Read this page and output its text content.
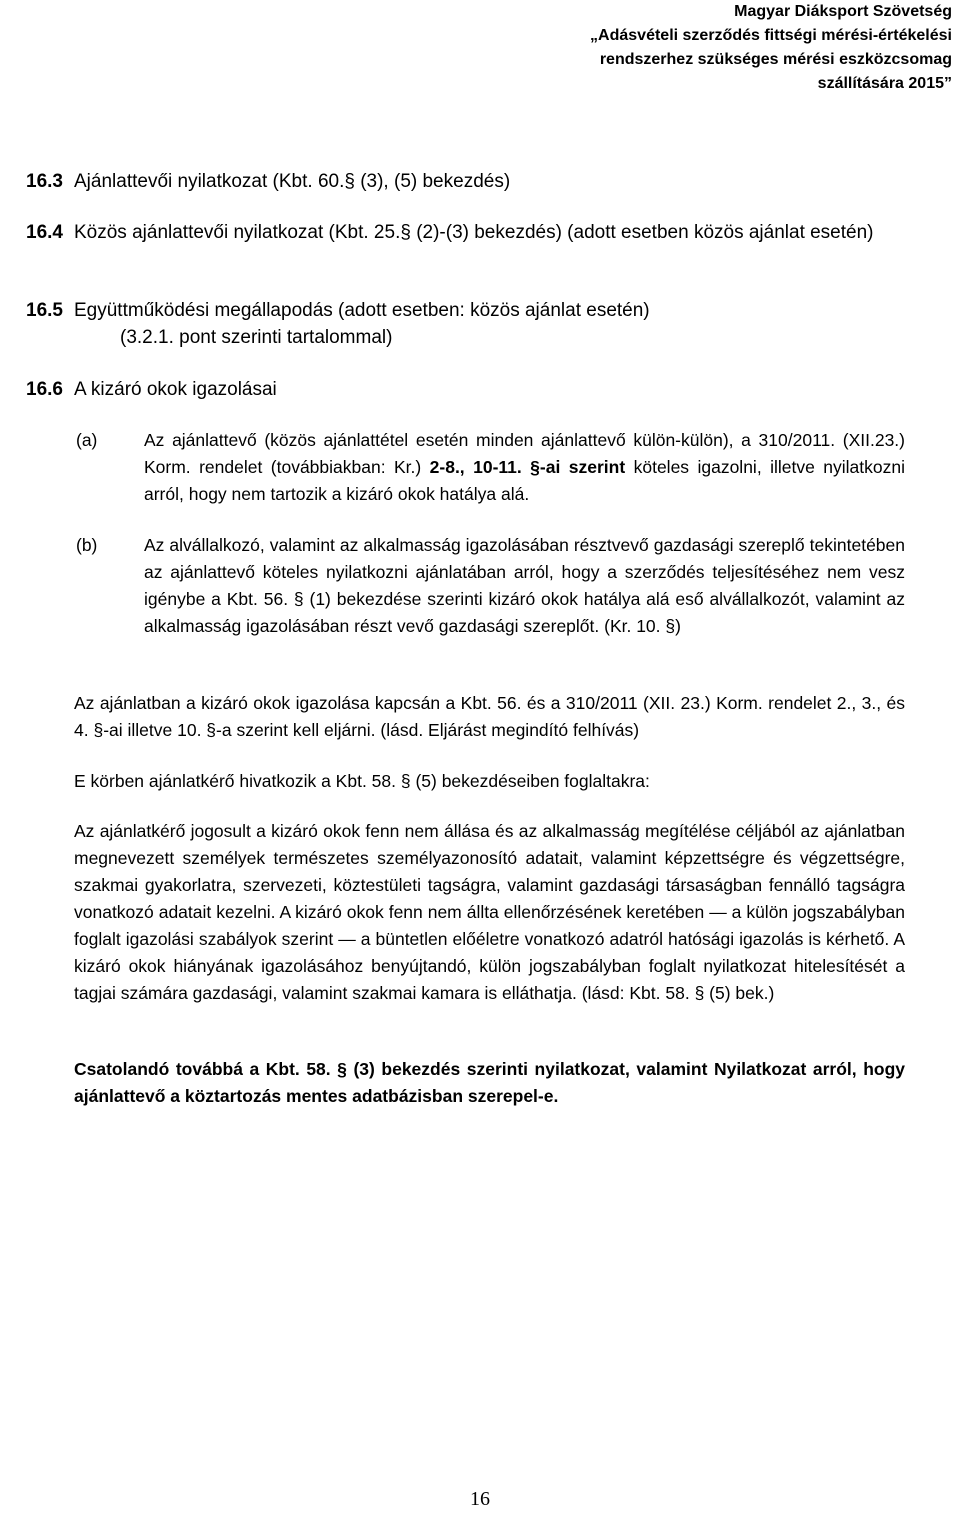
Magyar Diáksport Szövetség
„Adásvételi szerződés fittségi mérési-értékelési
rendszerhez szükséges mérési eszközcsomag
szállítására 2015”
16.3 Ajánlattevői nyilatkozat (Kbt. 60.§ (3), (5) bekezdés)
16.4 Közös ajánlattevői nyilatkozat (Kbt. 25.§ (2)-(3) bekezdés) (adott esetben közös ajánlat esetén)
16.5 Együttműködési megállapodás (adott esetben: közös ajánlat esetén)
(3.2.1. pont szerinti tartalommal)
16.6 A kizáró okok igazolásai
(a)	Az ajánlattevő (közös ajánlattétel esetén minden ajánlattevő külön-külön), a 310/2011. (XII.23.) Korm. rendelet (továbbiakban: Kr.) 2-8., 10-11. §-ai szerint köteles igazolni, illetve nyilatkozni arról, hogy nem tartozik a kizáró okok hatálya alá.
(b)	Az alvállalkozó, valamint az alkalmasság igazolásában résztvevő gazdasági szereplő tekintetében az ajánlattevő köteles nyilatkozni ajánlatában arról, hogy a szerződés teljesítéséhez nem vesz igénybe a Kbt. 56. § (1) bekezdése szerinti kizáró okok hatálya alá eső alvállalkozót, valamint az alkalmasság igazolásában részt vevő gazdasági szereplőt. (Kr. 10. §)
Az ajánlatban a kizáró okok igazolása kapcsán a Kbt. 56. és a 310/2011 (XII. 23.) Korm. rendelet 2., 3., és 4. §-ai illetve 10. §-a szerint kell eljárni. (lásd. Eljárást megindító felhívás)
E körben ajánlatkérő hivatkozik a Kbt. 58. § (5) bekezdéseiben foglaltakra:
Az ajánlatkérő jogosult a kizáró okok fenn nem állása és az alkalmasság megítélése céljából az ajánlatban megnevezett személyek természetes személyazonosító adatait, valamint képzettségre és végzettségre, szakmai gyakorlatra, szervezeti, köztestületi tagságra, valamint gazdasági társaságban fennálló tagságra vonatkozó adatait kezelni. A kizáró okok fenn nem állta ellenőrzésének keretében — a külön jogszabályban foglalt igazolási szabályok szerint — a büntetlen előéletre vonatkozó adatról hatósági igazolás is kérhető. A kizáró okok hiányának igazolásához benyújtandó, külön jogszabályban foglalt nyilatkozat hitelesítését a tagjai számára gazdasági, valamint szakmai kamara is elláthatja. (lásd: Kbt. 58. § (5) bek.)
Csatolandó továbbá a Kbt. 58. § (3) bekezdés szerinti nyilatkozat, valamint Nyilatkozat arról, hogy ajánlattevő a köztartozás mentes adatbázisban szerepel-e.
16
